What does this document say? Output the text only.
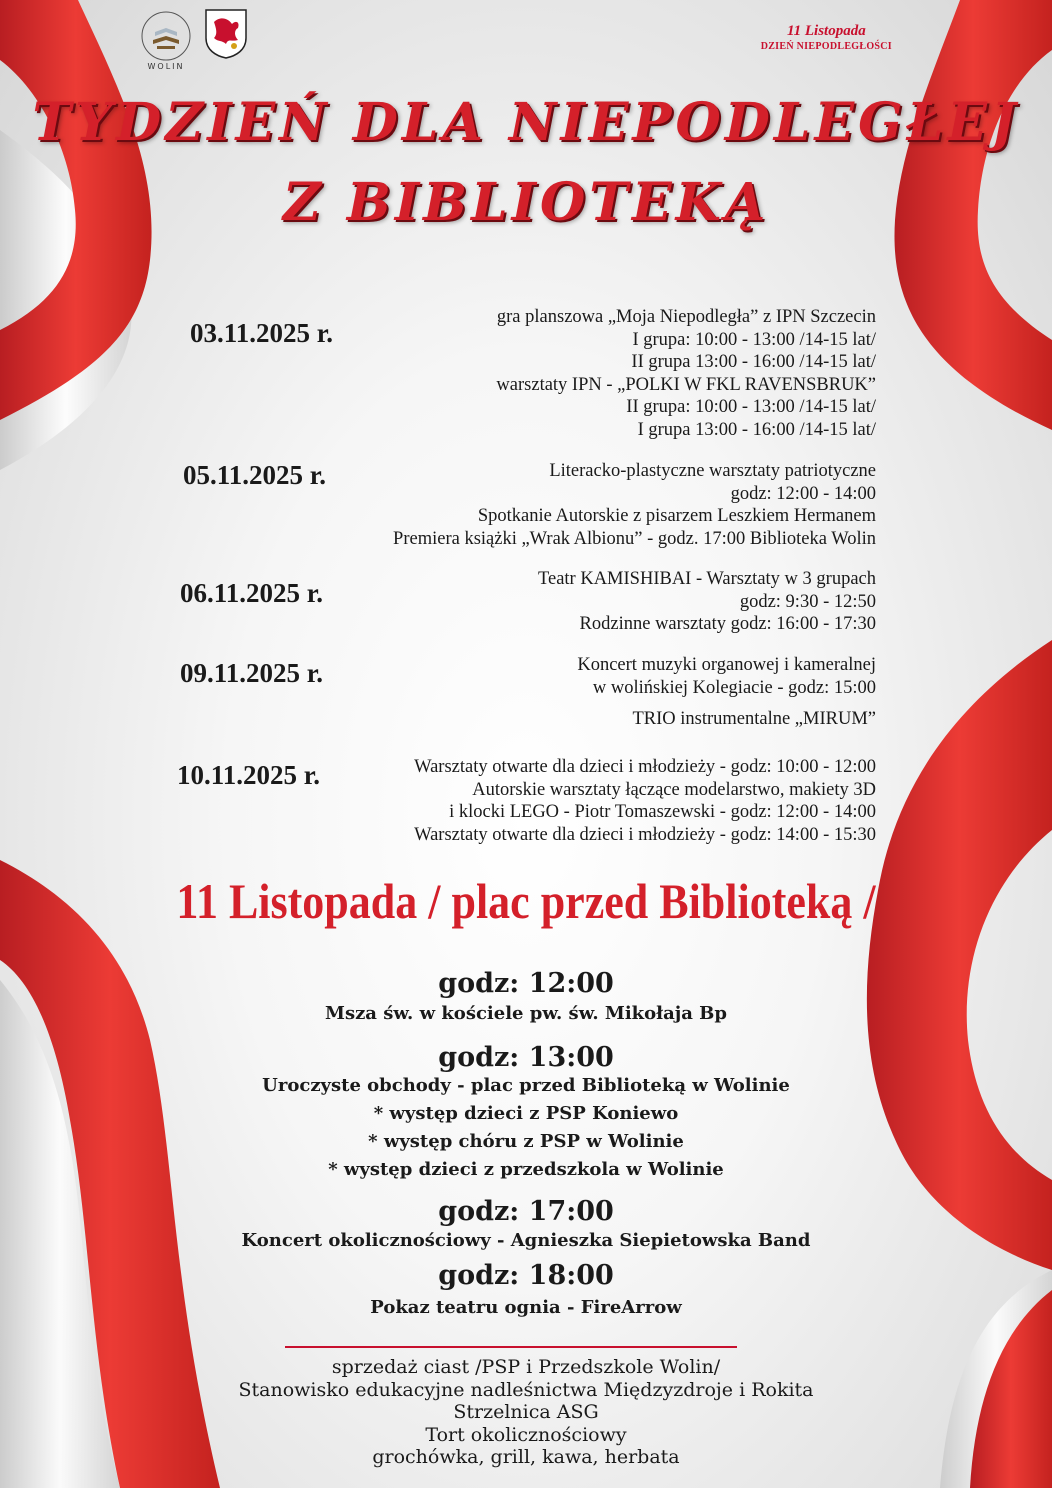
WOLIN
11 Listopada
DZIEŃ NIEPODLEGŁOŚCI
TYDZIEŃ DLA NIEPODLEGŁEJ
Z BIBLIOTEKĄ
03.11.2025 r.
gra planszowa „Moja Niepodległa” z IPN Szczecin
I grupa: 10:00 - 13:00 /14-15 lat/
II grupa 13:00 - 16:00 /14-15 lat/
warsztaty IPN - „POLKI W FKL RAVENSBRUK”
II grupa: 10:00 - 13:00 /14-15 lat/
I grupa 13:00 - 16:00 /14-15 lat/
05.11.2025 r.	Literacko-plastyczne warsztaty patriotyczne
godz: 12:00 - 14:00
Spotkanie Autorskie z pisarzem Leszkiem Hermanem
Premiera książki „Wrak Albionu” - godz. 17:00 Biblioteka Wolin
06.11.2025 r.	Teatr KAMISHIBAI - Warsztaty w 3 grupach
godz: 9:30 - 12:50
Rodzinne warsztaty godz: 16:00 - 17:30
09.11.2025 r.	Koncert muzyki organowej i kameralnej
w wolińskiej Kolegiacie - godz: 15:00
TRIO instrumentalne „MIRUM”
10.11.2025 r.	Warsztaty otwarte dla dzieci i młodzieży - godz: 10:00 - 12:00
Autorskie warsztaty łączące modelarstwo, makiety 3D
i klocki LEGO - Piotr Tomaszewski - godz: 12:00 - 14:00
Warsztaty otwarte dla dzieci i młodzieży - godz: 14:00 - 15:30
11 Listopada / plac przed Biblioteką /
godz: 12:00
Msza św. w kościele pw. św. Mikołaja Bp
godz: 13:00
Uroczyste obchody - plac przed Biblioteką w Wolinie
* występ dzieci z PSP Koniewo
* występ chóru z PSP w Wolinie
* występ dzieci z przedszkola w Wolinie
godz: 17:00
Koncert okolicznościowy - Agnieszka Siepietowska Band
godz: 18:00
Pokaz teatru ognia - FireArrow
sprzedaż ciast /PSP i Przedszkole Wolin/
Stanowisko edukacyjne nadleśnictwa Międzyzdroje i Rokita
Strzelnica ASG
Tort okolicznościowy
grochówka, grill, kawa, herbata
